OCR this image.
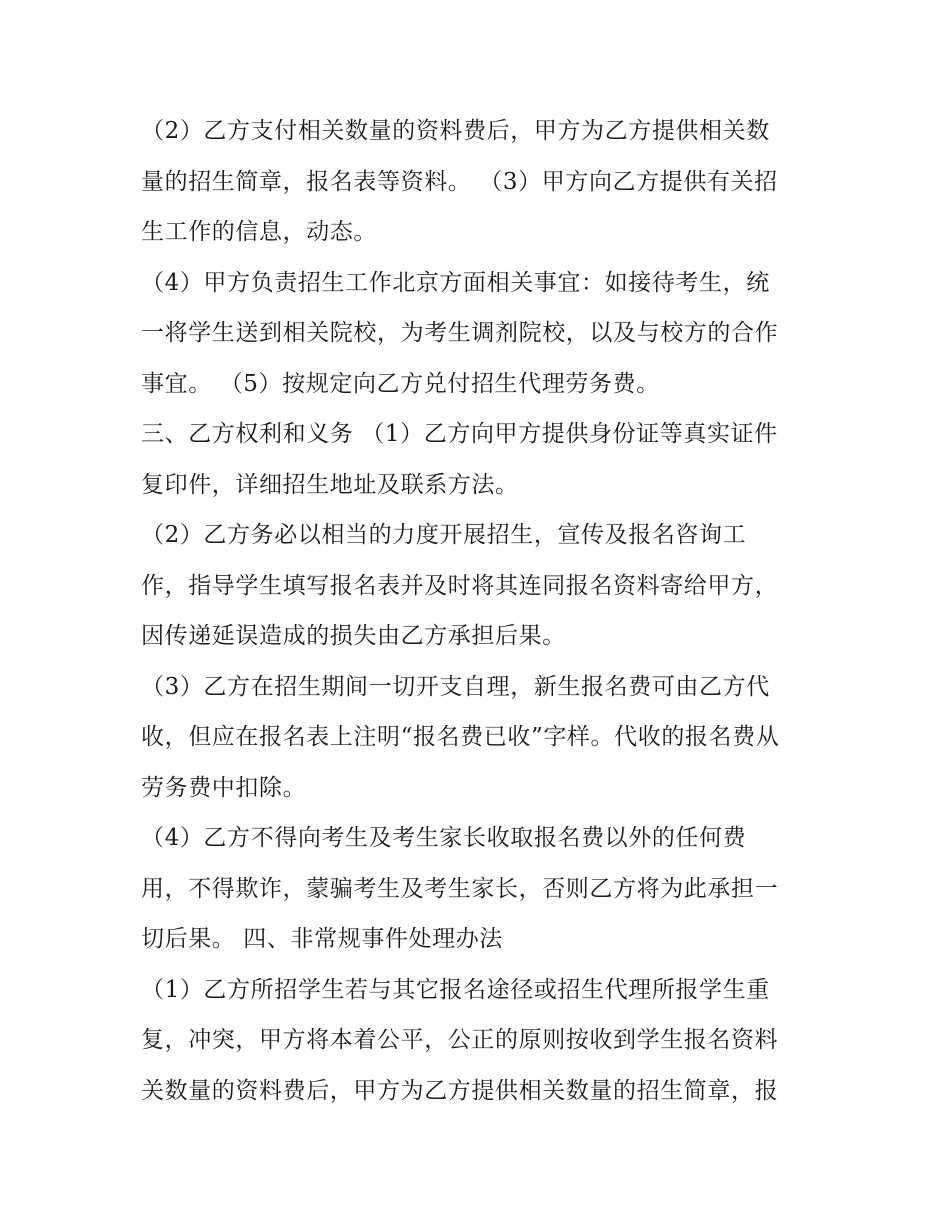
（2）乙方支付相关数量的资料费后，甲方为乙方提供相关数
量的招生简章，报名表等资料。 （3）甲方向乙方提供有关招
生工作的信息，动态。
（4）甲方负责招生工作北京方面相关事宜：如接待考生，统
一将学生送到相关院校，为考生调剂院校，以及与校方的合作
事宜。 （5）按规定向乙方兑付招生代理劳务费。
三、乙方权利和义务 （1）乙方向甲方提供身份证等真实证件
复印件，详细招生地址及联系方法。
（2）乙方务必以相当的力度开展招生，宣传及报名咨询工
作，指导学生填写报名表并及时将其连同报名资料寄给甲方，
因传递延误造成的损失由乙方承担后果。
（3）乙方在招生期间一切开支自理，新生报名费可由乙方代
收，但应在报名表上注明“报名费已收”字样。代收的报名费从
劳务费中扣除。
（4）乙方不得向考生及考生家长收取报名费以外的任何费
用，不得欺诈，蒙骗考生及考生家长，否则乙方将为此承担一
切后果。 四、非常规事件处理办法
（1）乙方所招学生若与其它报名途径或招生代理所报学生重
复，冲突，甲方将本着公平，公正的原则按收到学生报名资料
关数量的资料费后，甲方为乙方提供相关数量的招生简章，报
